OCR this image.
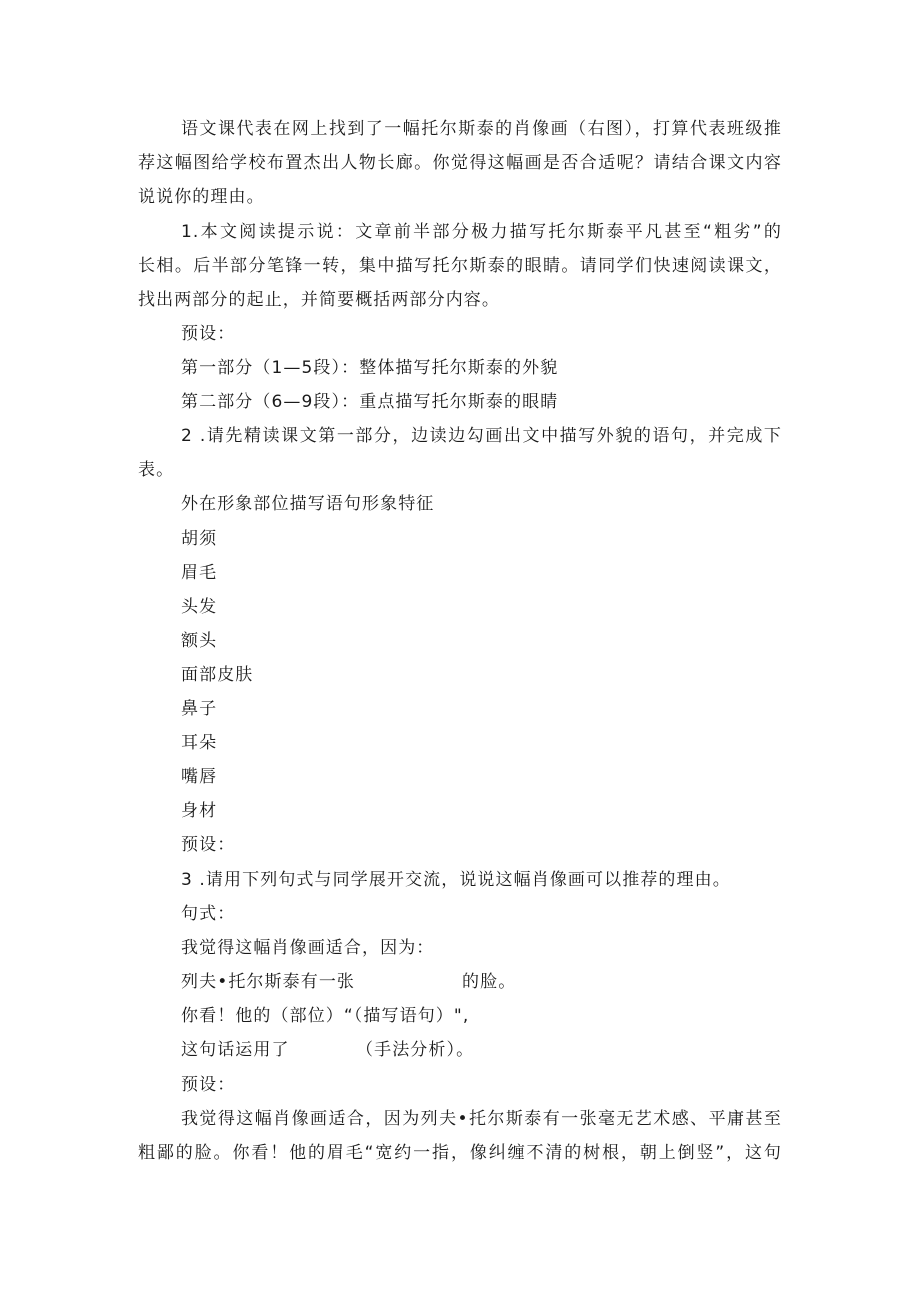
语文课代表在网上找到了一幅托尔斯泰的肖像画（右图），打算代表班级推
荐这幅图给学校布置杰出人物长廊。你觉得这幅画是否合适呢？请结合课文内容
说说你的理由。
1.本文阅读提示说：文章前半部分极力描写托尔斯泰平凡甚至“粗劣”的
长相。后半部分笔锋一转，集中描写托尔斯泰的眼睛。请同学们快速阅读课文，
找出两部分的起止，并简要概括两部分内容。
预设：
第一部分（1—5段）：整体描写托尔斯泰的外貌
第二部分（6—9段）：重点描写托尔斯泰的眼睛
2 .请先精读课文第一部分，边读边勾画出文中描写外貌的语句，并完成下
表。
外在形象部位描写语句形象特征
胡须
眉毛
头发
额头
面部皮肤
鼻子
耳朵
嘴唇
身材
预设：
3 .请用下列句式与同学展开交流，说说这幅肖像画可以推荐的理由。
句式：
我觉得这幅肖像画适合，因为：
列夫•托尔斯泰有一张	的脸。
你看！他的（部位）“（描写语句）",
这句话运用了	（手法分析）。
预设：
我觉得这幅肖像画适合，因为列夫•托尔斯泰有一张毫无艺术感、平庸甚至
粗鄙的脸。你看！他的眉毛“宽约一指，像纠缠不清的树根，朝上倒竖”，这句
